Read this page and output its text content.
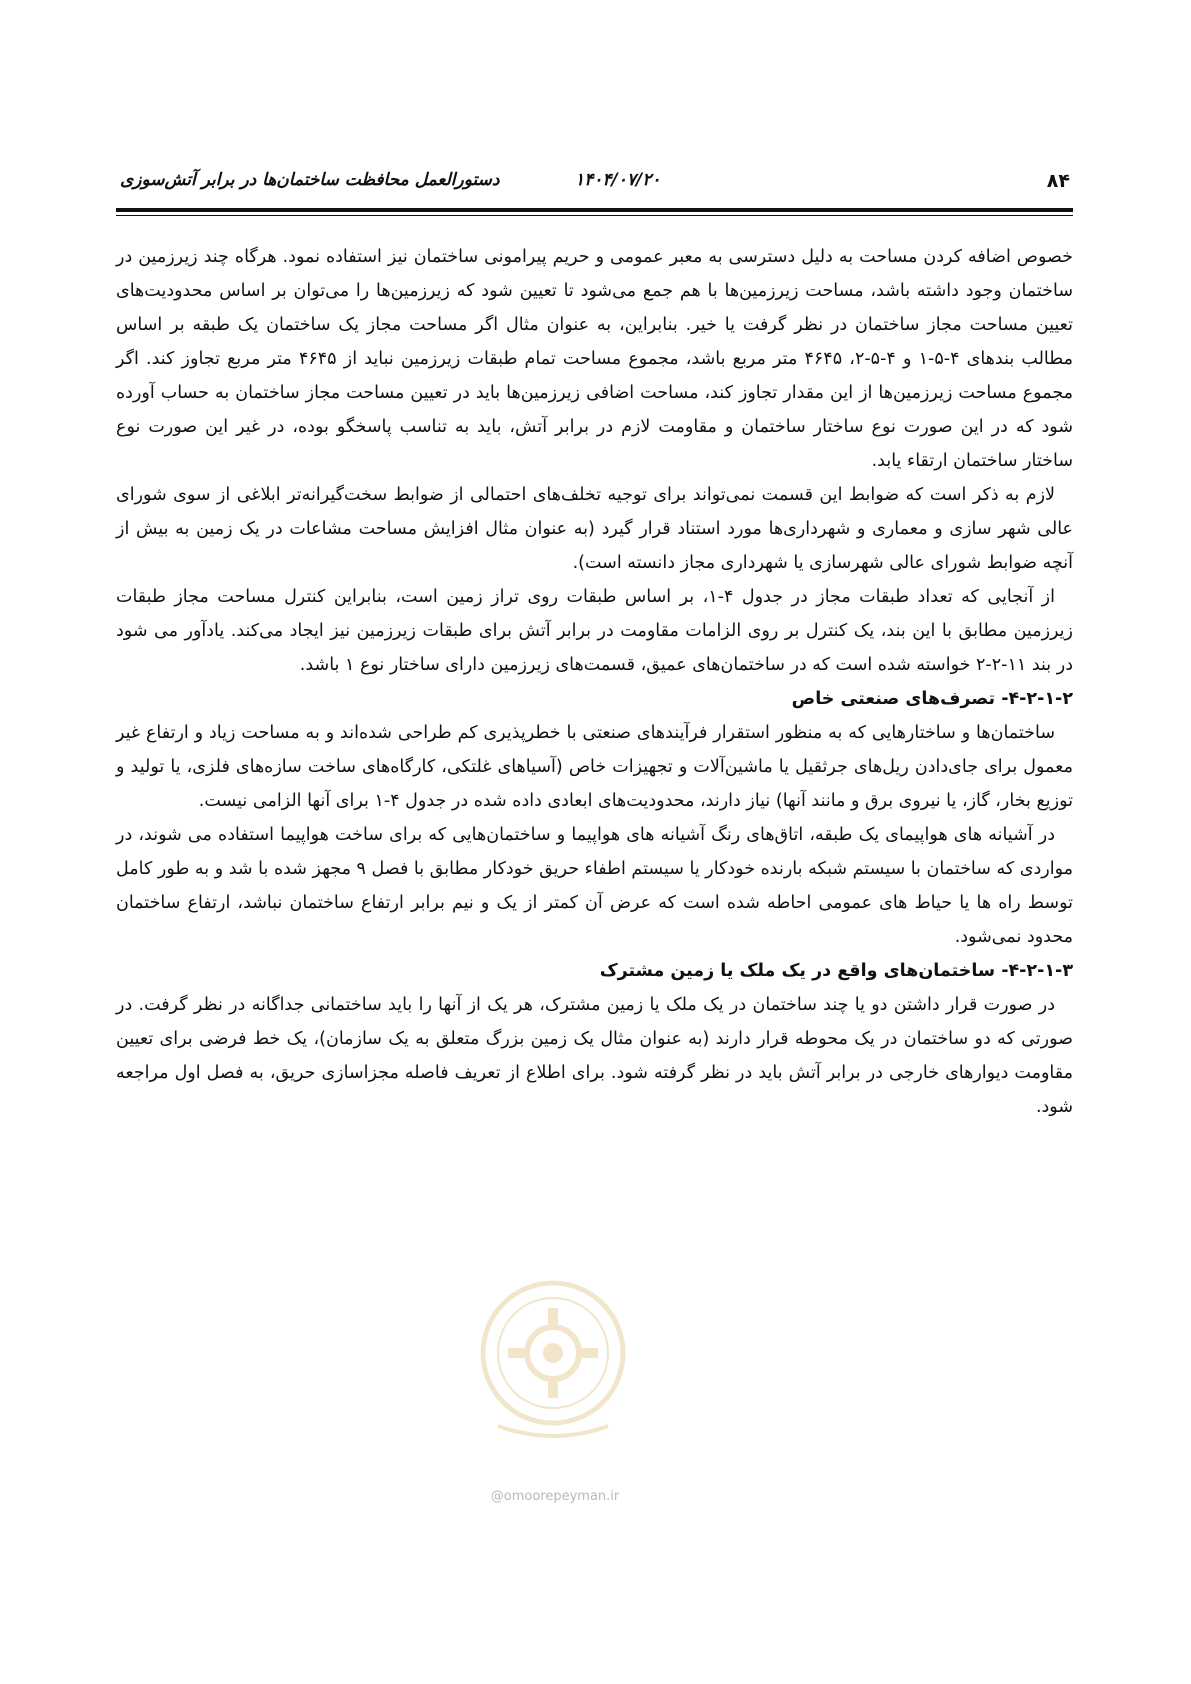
۸۴
۱۴۰۴/۰۷/۲۰
دستورالعمل محافظت ساختمان‌ها در برابر آتش‌سوزی

خصوص اضافه کردن مساحت به دلیل دسترسی به معبر عمومی و حریم پیرامونی ساختمان نیز استفاده نمود. هرگاه چند زیرزمین در ساختمان وجود داشته باشد، مساحت زیرزمین‌ها با هم جمع می‌شود تا تعیین شود که زیرزمین‌ها را می‌توان بر اساس محدودیت‌های تعیین مساحت مجاز ساختمان در نظر گرفت یا خیر. بنابراین، به عنوان مثال اگر مساحت مجاز یک ساختمان یک طبقه بر اساس مطالب بندهای ۴-۵-۱ و ۴-۵-۲، ۴۶۴۵ متر مربع باشد، مجموع مساحت تمام طبقات زیرزمین نباید از ۴۶۴۵ متر مربع تجاوز کند. اگر مجموع مساحت زیرزمین‌ها از این مقدار تجاوز کند، مساحت اضافی زیرزمین‌ها باید در تعیین مساحت مجاز ساختمان به حساب آورده شود که در این صورت نوع ساختار ساختمان و مقاومت لازم در برابر آتش، باید به تناسب پاسخگو بوده، در غیر این صورت نوع ساختار ساختمان ارتقاء یابد.

لازم به ذکر است که ضوابط این قسمت نمی‌تواند برای توجیه تخلف‌های احتمالی از ضوابط سخت‌گیرانه‌تر ابلاغی از سوی شورای عالی شهر سازی و معماری و شهرداری‌ها مورد استناد قرار گیرد (به عنوان مثال افزایش مساحت مشاعات در یک زمین به بیش از آنچه ضوابط شورای عالی شهرسازی یا شهرداری مجاز دانسته است).

از آنجایی که تعداد طبقات مجاز در جدول ۴-۱، بر اساس طبقات روی تراز زمین است، بنابراین کنترل مساحت مجاز طبقات زیرزمین مطابق با این بند، یک کنترل بر روی الزامات مقاومت در برابر آتش برای طبقات زیرزمین نیز ایجاد می‌کند. یادآور می شود در بند ۱۱-۲-۲ خواسته شده است که در ساختمان‌های عمیق، قسمت‌های زیرزمین دارای ساختار نوع ۱ باشد.

۴-۲-۱-۲- تصرف‌های صنعتی خاص

ساختمان‌ها و ساختارهایی که به منظور استقرار فرآیندهای صنعتی با خطرپذیری کم طراحی شده‌اند و به مساحت زیاد و ارتفاع غیر معمول برای جای‌دادن ریل‌های جرثقیل یا ماشین‌آلات و تجهیزات خاص (آسیاهای غلتکی، کارگاه‌های ساخت سازه‌های فلزی، یا تولید و توزیع بخار، گاز، یا نیروی برق و مانند آنها) نیاز دارند، محدودیت‌های ابعادی داده شده در جدول ۴-۱ برای آنها الزامی نیست.

در آشیانه های هواپیمای یک طبقه، اتاق‌های رنگ آشیانه های هواپیما و ساختمان‌هایی که برای ساخت هواپیما استفاده می شوند، در مواردی که ساختمان با سیستم شبکه بارنده خودکار یا سیستم اطفاء حریق خودکار مطابق با فصل ۹ مجهز شده با شد و به طور کامل توسط راه ها یا حیاط های عمومی احاطه شده است که عرض آن کمتر از یک و نیم برابر ارتفاع ساختمان نباشد، ارتفاع ساختمان محدود نمی‌شود.

۴-۲-۱-۳- ساختمان‌های واقع در یک ملک یا زمین مشترک

در صورت قرار داشتن دو یا چند ساختمان در یک ملک یا زمین مشترک، هر یک از آنها را باید ساختمانی جداگانه در نظر گرفت. در صورتی که دو ساختمان در یک محوطه قرار دارند (به عنوان مثال یک زمین بزرگ متعلق به یک سازمان)، یک خط فرضی برای تعیین مقاومت دیوارهای خارجی در برابر آتش باید در نظر گرفته شود. برای اطلاع از تعریف فاصله مجزاسازی حریق، به فصل اول مراجعه شود.

@omoorepeyman.ir
